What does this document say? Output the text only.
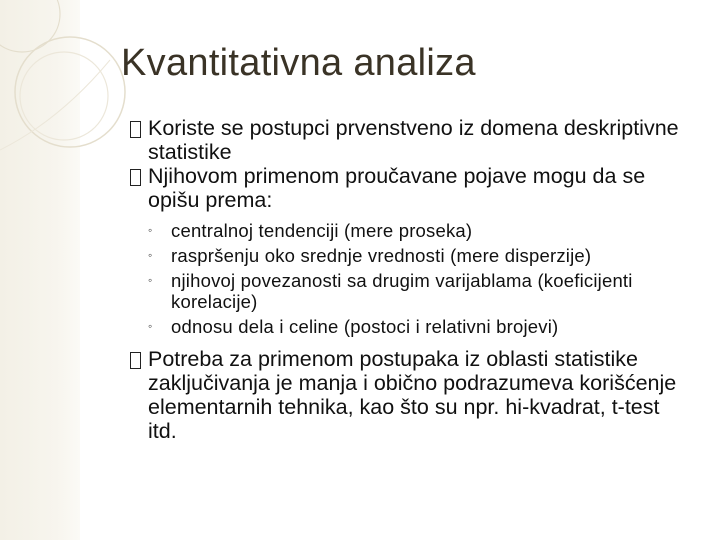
Kvantitativna analiza
Koriste se postupci prvenstveno iz domena deskriptivne statistike
Njihovom primenom proučavane pojave mogu da se opišu prema:
◦ centralnoj tendenciji (mere proseka)
◦ raspršenju oko srednje vrednosti (mere disperzije)
◦ njihovoj povezanosti sa drugim varijablama (koeficijenti korelacije)
◦ odnosu dela i celine (postoci i relativni brojevi)
Potreba za primenom postupaka iz oblasti statistike zaključivanja je manja i obično podrazumeva korišćenje elementarnih tehnika, kao što su npr. hi-kvadrat, t-test itd.
